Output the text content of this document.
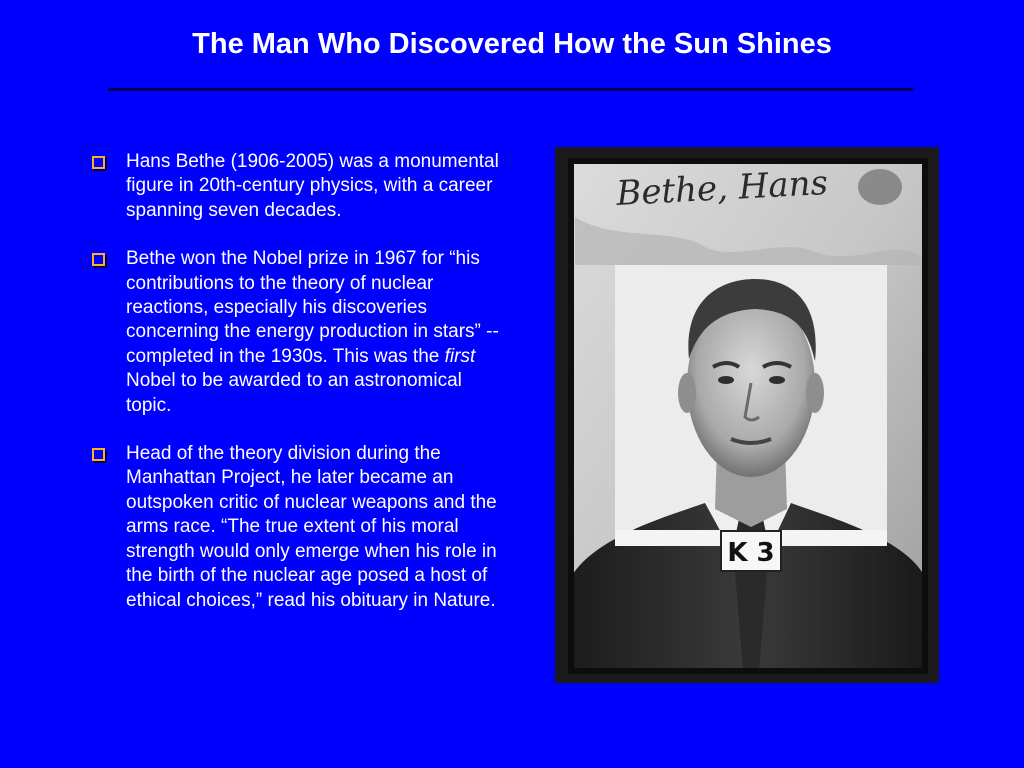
The Man Who Discovered How the Sun Shines
Hans Bethe (1906-2005) was a monumental figure in 20th-century physics, with a career spanning seven decades.
Bethe won the Nobel prize in 1967 for “his contributions to the theory of nuclear reactions, especially his discoveries concerning the energy production in stars” -- completed in the 1930s. This was the first Nobel to be awarded to an astronomical topic.
Head of the theory division during the Manhattan Project, he later became an outspoken critic of nuclear weapons and the arms race. “The true extent of his moral strength would only emerge when his role in the birth of the nuclear age posed a host of ethical choices,” read his obituary in Nature.
Bethe, Hans
K 3
